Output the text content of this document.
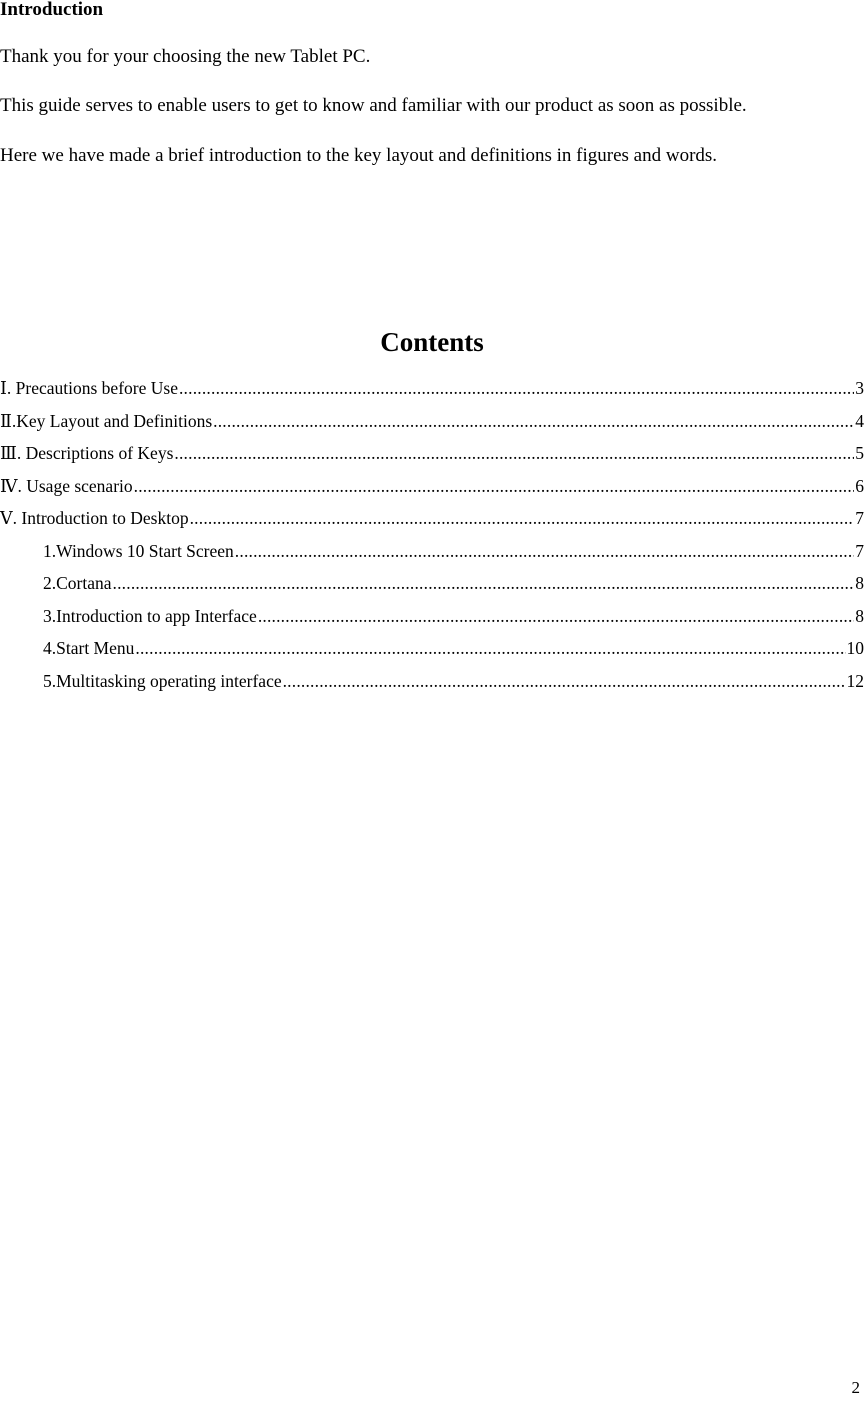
Introduction

Thank you for your choosing the new Tablet PC.

This guide serves to enable users to get to know and familiar with our product as soon as possible.

Here we have made a brief introduction to the key layout and definitions in figures and words.

Contents
Ⅰ. Precautions before Use .....	3
Ⅱ.Key Layout and Definitions .....	4
Ⅲ. Descriptions of Keys .....	5
Ⅳ. Usage scenario .....	6
Ⅴ. Introduction to Desktop .....	7
1.Windows 10 Start Screen .....	7
2.Cortana .....	8
3.Introduction to app Interface .....	8
4.Start Menu .....	10
5.Multitasking operating interface .....	12
2
